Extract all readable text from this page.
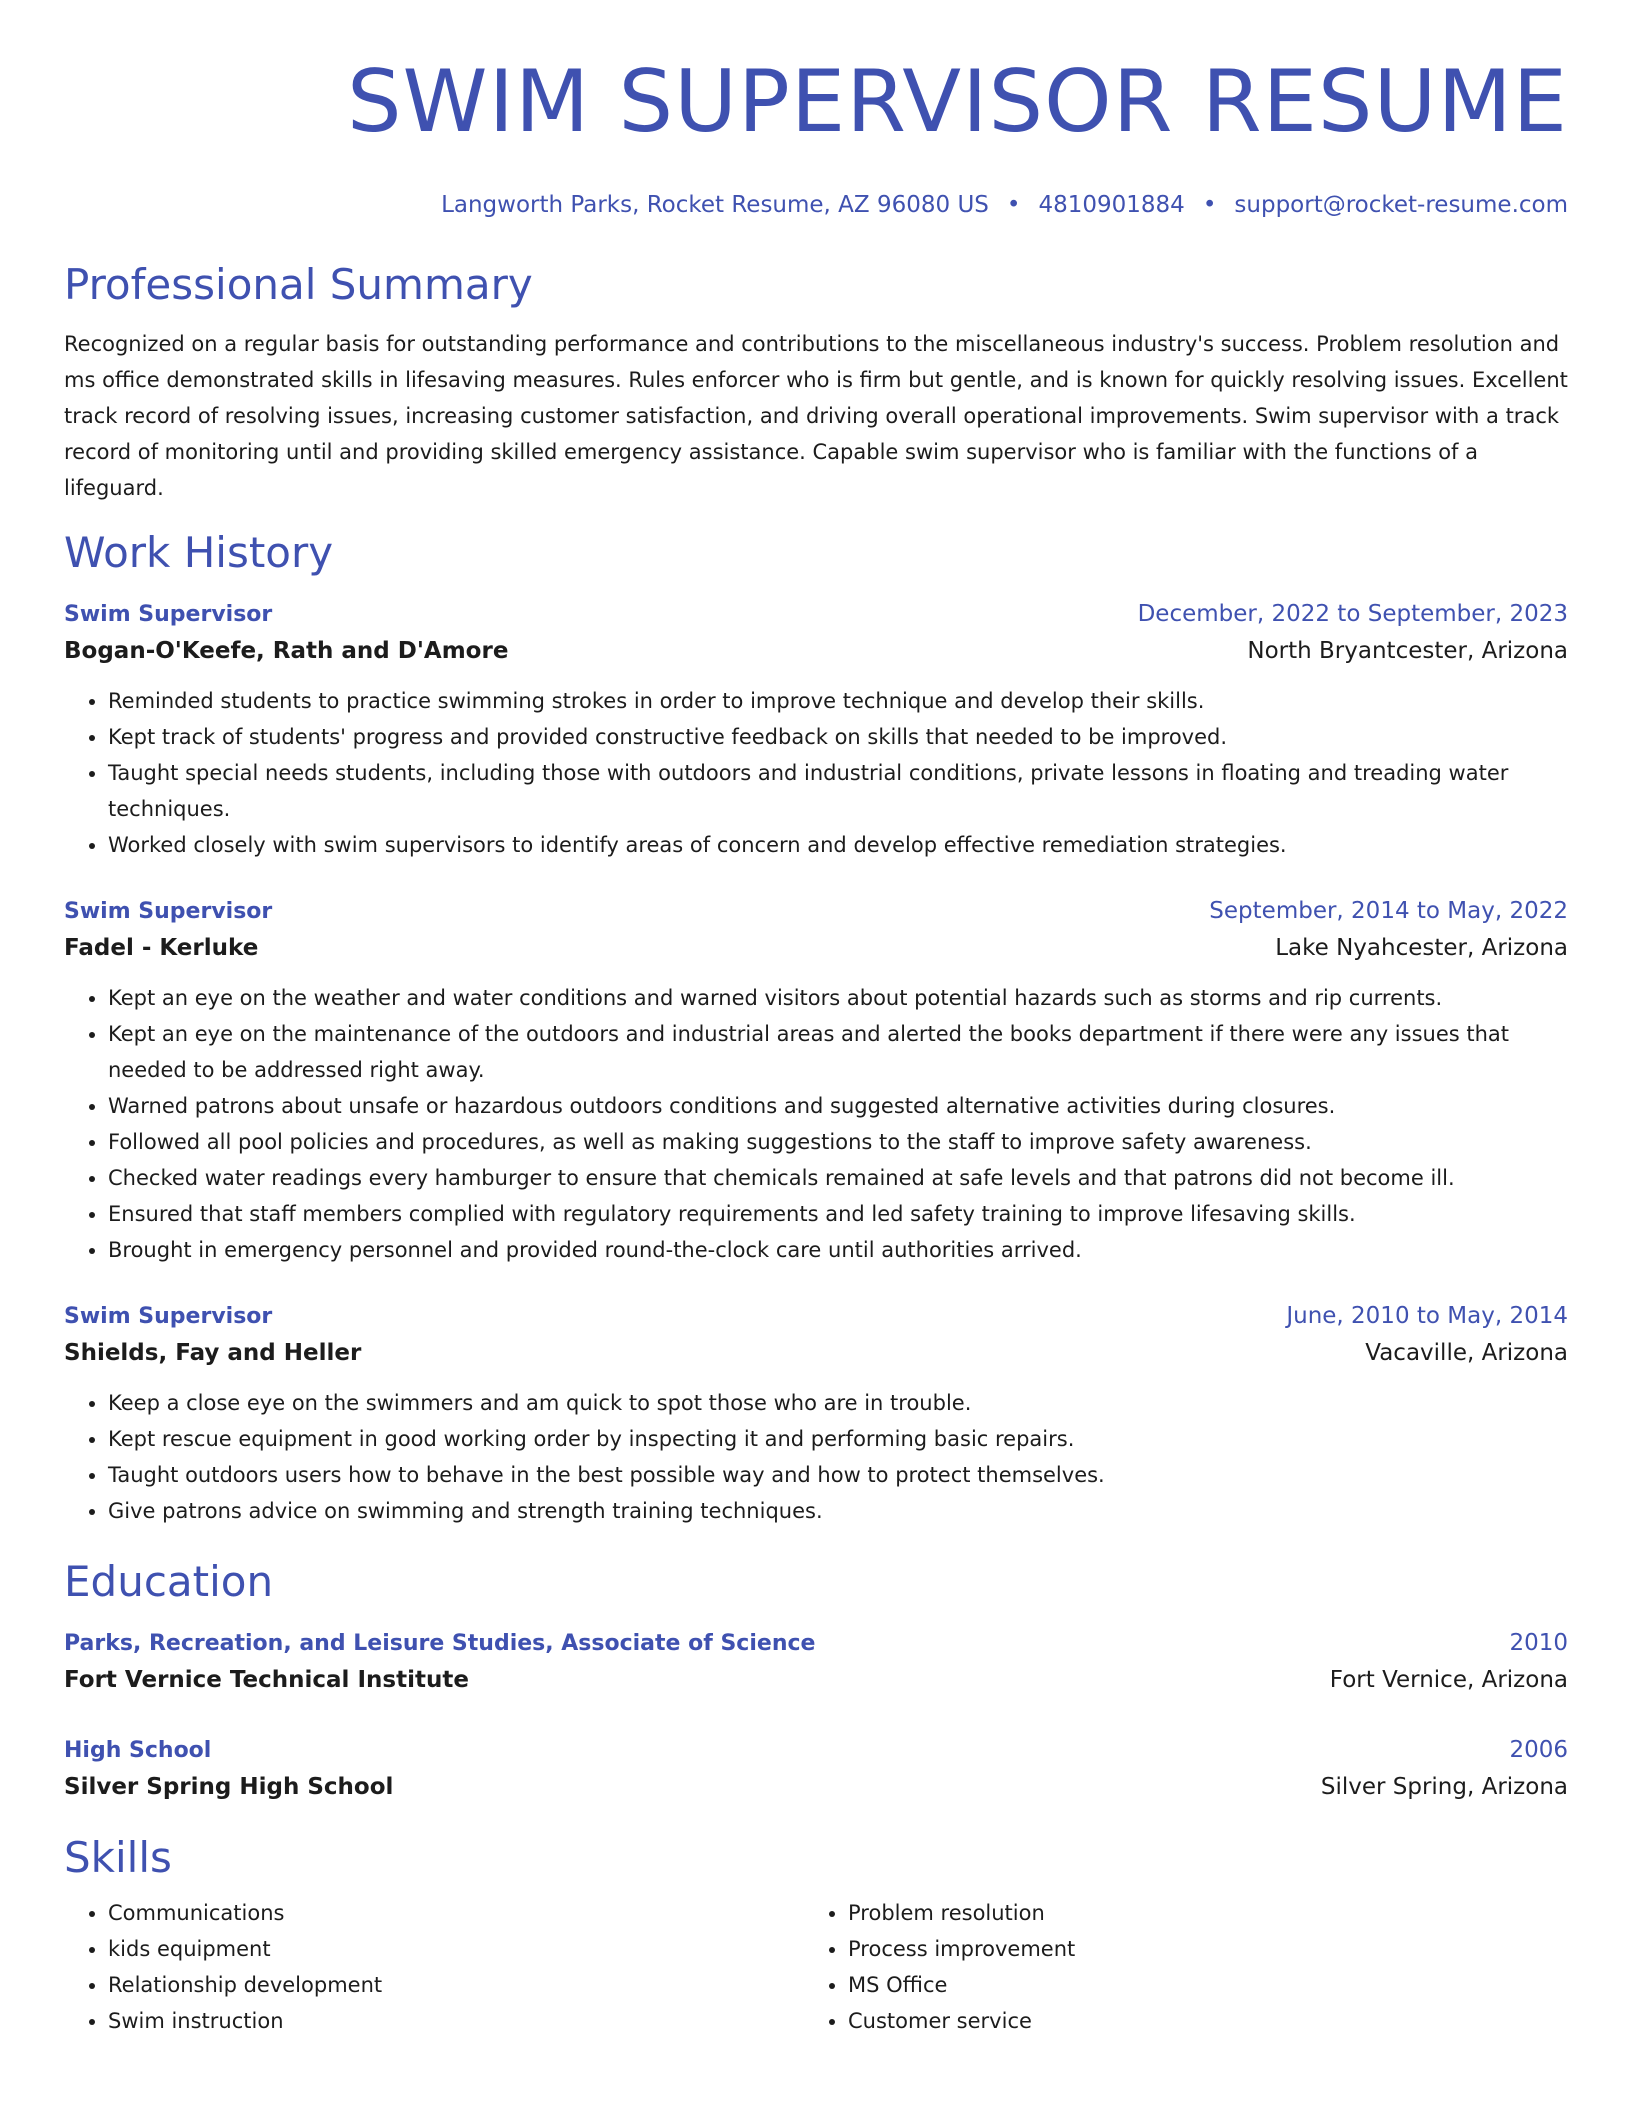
SWIM SUPERVISOR RESUME
Langworth Parks, Rocket Resume, AZ 96080 US • 4810901884 • support@rocket-resume.com
Professional Summary
Recognized on a regular basis for outstanding performance and contributions to the miscellaneous industry's success. Problem resolution and ms office demonstrated skills in lifesaving measures. Rules enforcer who is firm but gentle, and is known for quickly resolving issues. Excellent track record of resolving issues, increasing customer satisfaction, and driving overall operational improvements. Swim supervisor with a track record of monitoring until and providing skilled emergency assistance. Capable swim supervisor who is familiar with the functions of a lifeguard.
Work History
Swim Supervisor	December, 2022 to September, 2023
Bogan-O'Keefe, Rath and D'Amore	North Bryantcester, Arizona
• Reminded students to practice swimming strokes in order to improve technique and develop their skills.
• Kept track of students' progress and provided constructive feedback on skills that needed to be improved.
• Taught special needs students, including those with outdoors and industrial conditions, private lessons in floating and treading water techniques.
• Worked closely with swim supervisors to identify areas of concern and develop effective remediation strategies.
Swim Supervisor	September, 2014 to May, 2022
Fadel - Kerluke	Lake Nyahcester, Arizona
• Kept an eye on the weather and water conditions and warned visitors about potential hazards such as storms and rip currents.
• Kept an eye on the maintenance of the outdoors and industrial areas and alerted the books department if there were any issues that needed to be addressed right away.
• Warned patrons about unsafe or hazardous outdoors conditions and suggested alternative activities during closures.
• Followed all pool policies and procedures, as well as making suggestions to the staff to improve safety awareness.
• Checked water readings every hamburger to ensure that chemicals remained at safe levels and that patrons did not become ill.
• Ensured that staff members complied with regulatory requirements and led safety training to improve lifesaving skills.
• Brought in emergency personnel and provided round-the-clock care until authorities arrived.
Swim Supervisor	June, 2010 to May, 2014
Shields, Fay and Heller	Vacaville, Arizona
• Keep a close eye on the swimmers and am quick to spot those who are in trouble.
• Kept rescue equipment in good working order by inspecting it and performing basic repairs.
• Taught outdoors users how to behave in the best possible way and how to protect themselves.
• Give patrons advice on swimming and strength training techniques.
Education
Parks, Recreation, and Leisure Studies, Associate of Science	2010
Fort Vernice Technical Institute	Fort Vernice, Arizona
High School	2006
Silver Spring High School	Silver Spring, Arizona
Skills
• Communications
• kids equipment
• Relationship development
• Swim instruction
• Problem resolution
• Process improvement
• MS Office
• Customer service
